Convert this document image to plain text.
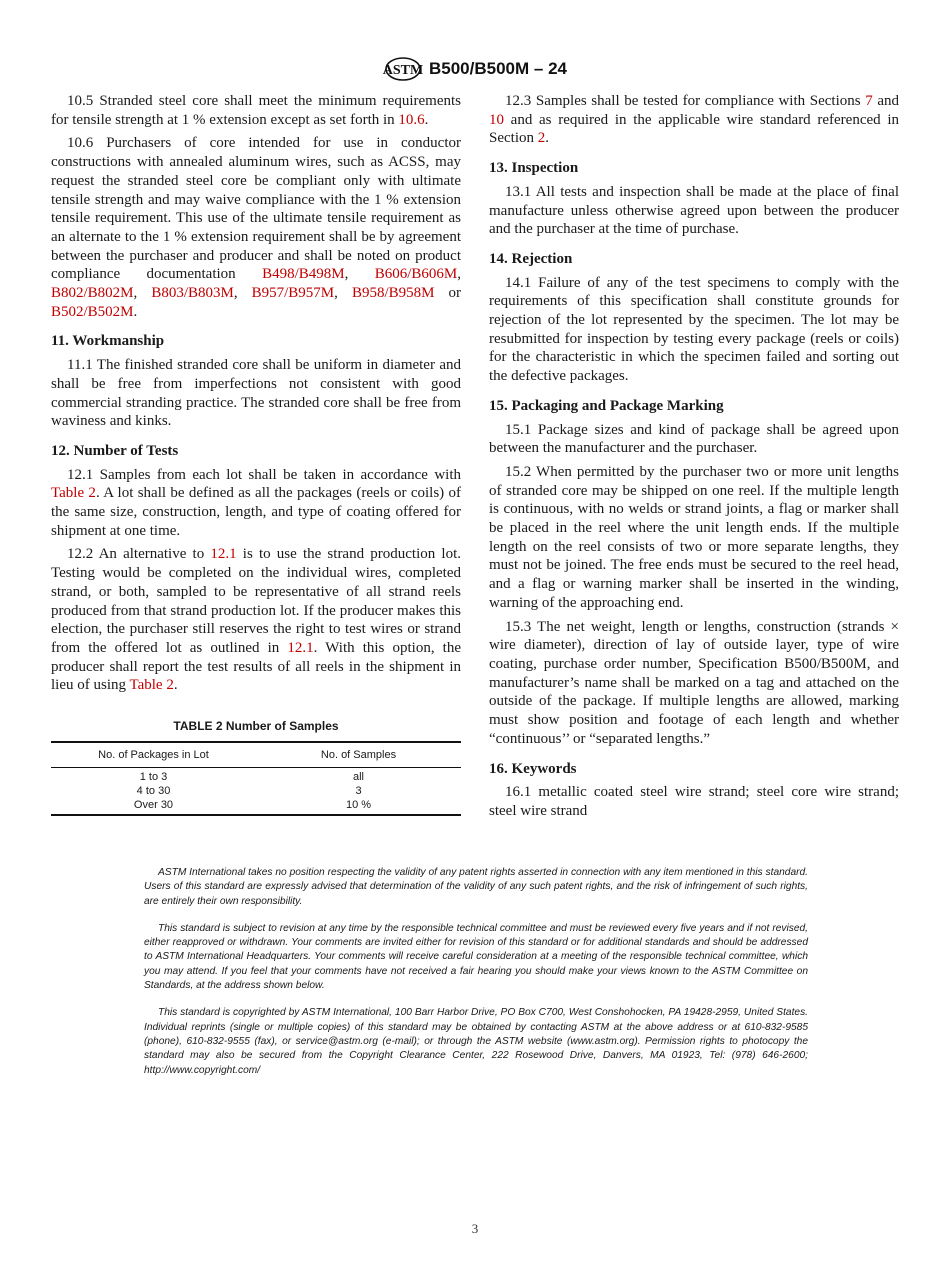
ASTM B500/B500M – 24

10.5 Stranded steel core shall meet the minimum requirements for tensile strength at 1 % extension except as set forth in 10.6.

10.6 Purchasers of core intended for use in conductor constructions with annealed aluminum wires, such as ACSS, may request the stranded steel core be compliant only with ultimate tensile strength and may waive compliance with the 1 % extension tensile requirement. This use of the ultimate tensile requirement as an alternate to the 1 % extension requirement shall be by agreement between the purchaser and producer and shall be noted on product compliance documentation B498/B498M, B606/B606M, B802/B802M, B803/B803M, B957/B957M, B958/B958M or B502/B502M.

11. Workmanship

11.1 The finished stranded core shall be uniform in diameter and shall be free from imperfections not consistent with good commercial stranding practice. The stranded core shall be free from waviness and kinks.

12. Number of Tests

12.1 Samples from each lot shall be taken in accordance with Table 2. A lot shall be defined as all the packages (reels or coils) of the same size, construction, length, and type of coating offered for shipment at one time.

12.2 An alternative to 12.1 is to use the strand production lot. Testing would be completed on the individual wires, completed strand, or both, sampled to be representative of all strand reels produced from that strand production lot. If the producer makes this election, the purchaser still reserves the right to test wires or strand from the offered lot as outlined in 12.1. With this option, the producer shall report the test results of all reels in the shipment in lieu of using Table 2.

TABLE 2 Number of Samples
No. of Packages in Lot	No. of Samples
1 to 3	all
4 to 30	3
Over 30	10 %

12.3 Samples shall be tested for compliance with Sections 7 and 10 and as required in the applicable wire standard referenced in Section 2.

13. Inspection

13.1 All tests and inspection shall be made at the place of final manufacture unless otherwise agreed upon between the producer and the purchaser at the time of purchase.

14. Rejection

14.1 Failure of any of the test specimens to comply with the requirements of this specification shall constitute grounds for rejection of the lot represented by the specimen. The lot may be resubmitted for inspection by testing every package (reels or coils) for the characteristic in which the specimen failed and sorting out the defective packages.

15. Packaging and Package Marking

15.1 Package sizes and kind of package shall be agreed upon between the manufacturer and the purchaser.

15.2 When permitted by the purchaser two or more unit lengths of stranded core may be shipped on one reel. If the multiple length is continuous, with no welds or strand joints, a flag or marker shall be placed in the reel where the unit length ends. If the multiple length on the reel consists of two or more separate lengths, they must not be joined. The free ends must be secured to the reel head, and a flag or warning marker shall be inserted in the winding, warning of the approaching end.

15.3 The net weight, length or lengths, construction (strands × wire diameter), direction of lay of outside layer, type of wire coating, purchase order number, Specification B500/B500M, and manufacturer’s name shall be marked on a tag and attached on the outside of the package. If multiple lengths are allowed, marking must show position and footage of each length and whether “continuous’’ or “separated lengths.”

16. Keywords

16.1 metallic coated steel wire strand; steel core wire strand; steel wire strand

ASTM International takes no position respecting the validity of any patent rights asserted in connection with any item mentioned in this standard. Users of this standard are expressly advised that determination of the validity of any such patent rights, and the risk of infringement of such rights, are entirely their own responsibility.

This standard is subject to revision at any time by the responsible technical committee and must be reviewed every five years and if not revised, either reapproved or withdrawn. Your comments are invited either for revision of this standard or for additional standards and should be addressed to ASTM International Headquarters. Your comments will receive careful consideration at a meeting of the responsible technical committee, which you may attend. If you feel that your comments have not received a fair hearing you should make your views known to the ASTM Committee on Standards, at the address shown below.

This standard is copyrighted by ASTM International, 100 Barr Harbor Drive, PO Box C700, West Conshohocken, PA 19428-2959, United States. Individual reprints (single or multiple copies) of this standard may be obtained by contacting ASTM at the above address or at 610-832-9585 (phone), 610-832-9555 (fax), or service@astm.org (e-mail); or through the ASTM website (www.astm.org). Permission rights to photocopy the standard may also be secured from the Copyright Clearance Center, 222 Rosewood Drive, Danvers, MA 01923, Tel: (978) 646-2600; http://www.copyright.com/

3
